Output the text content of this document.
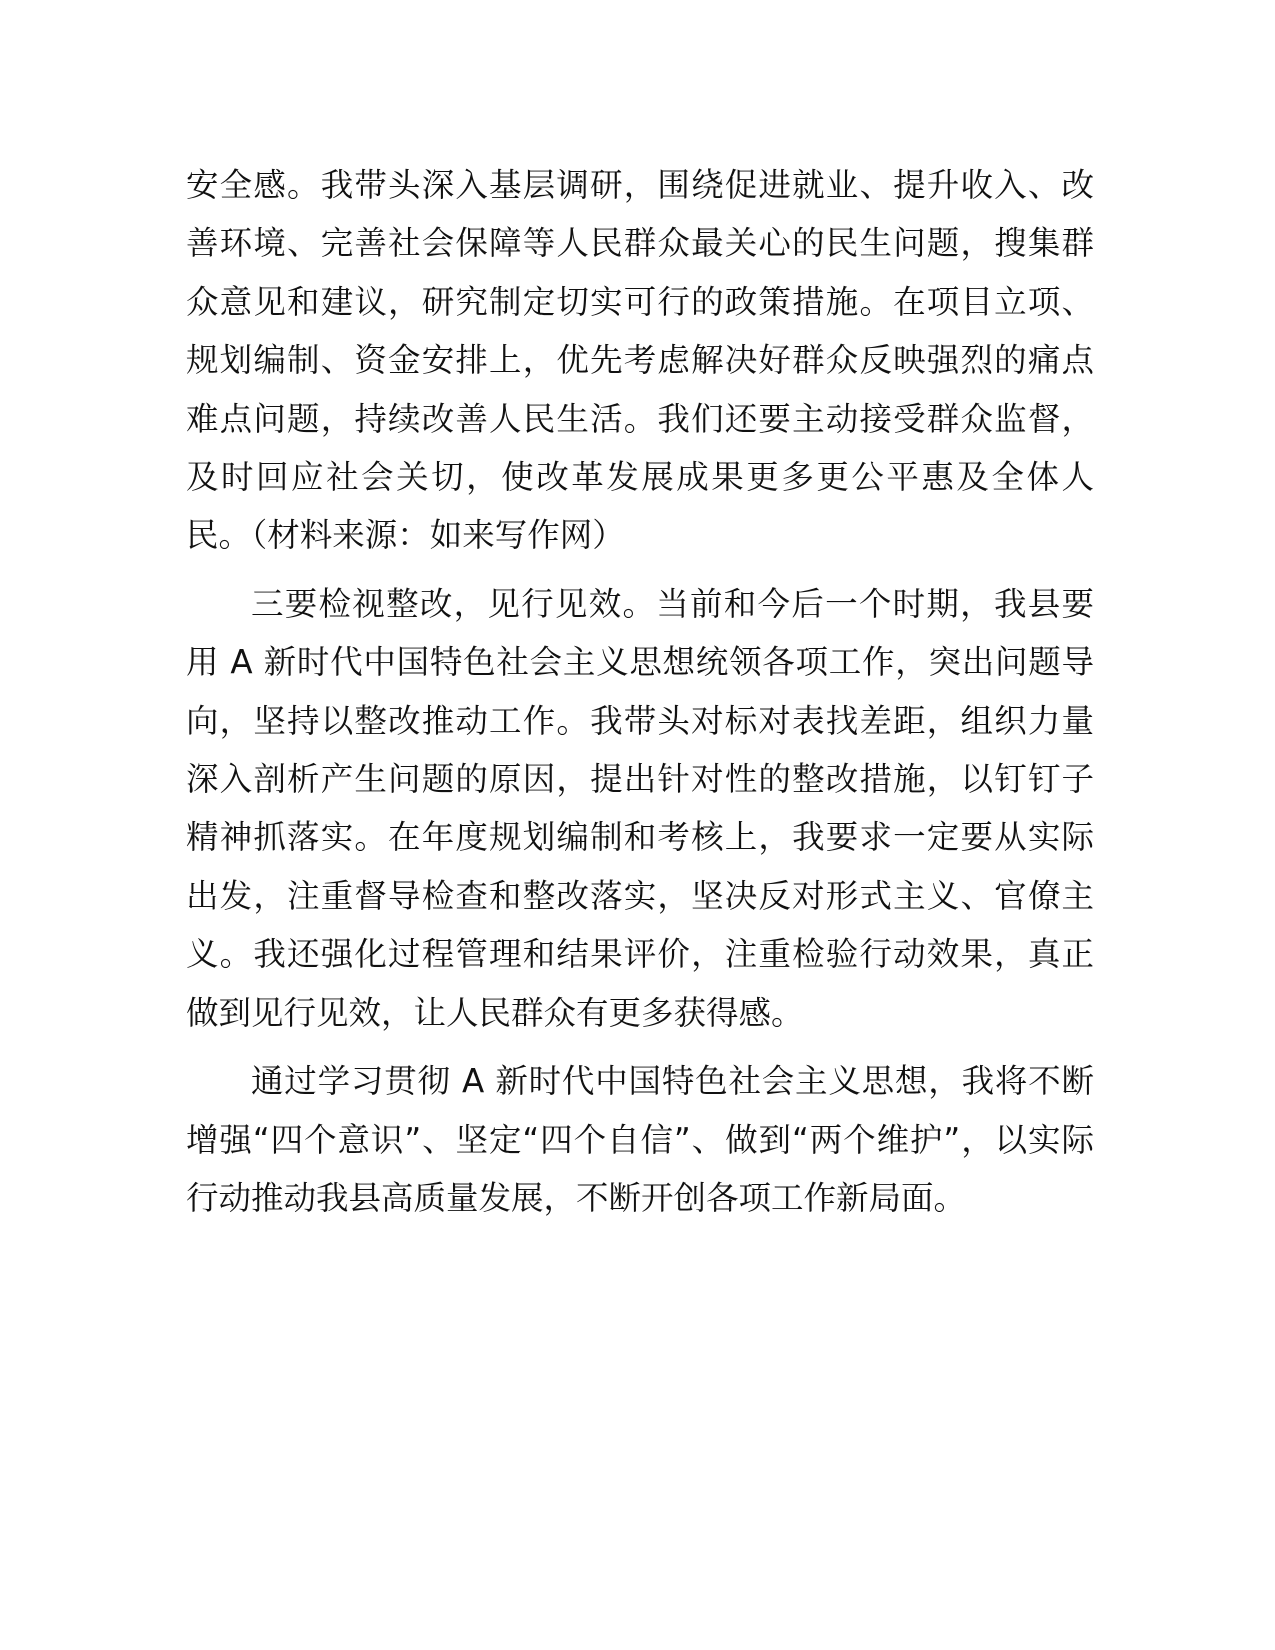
安全感。我带头深入基层调研，围绕促进就业、提升收入、改善环境、完善社会保障等人民群众最关心的民生问题，搜集群众意见和建议，研究制定切实可行的政策措施。在项目立项、规划编制、资金安排上，优先考虑解决好群众反映强烈的痛点难点问题，持续改善人民生活。我们还要主动接受群众监督，及时回应社会关切，使改革发展成果更多更公平惠及全体人民。（材料来源：如来写作网）

三要检视整改，见行见效。当前和今后一个时期，我县要用 A 新时代中国特色社会主义思想统领各项工作，突出问题导向，坚持以整改推动工作。我带头对标对表找差距，组织力量深入剖析产生问题的原因，提出针对性的整改措施，以钉钉子精神抓落实。在年度规划编制和考核上，我要求一定要从实际出发，注重督导检查和整改落实，坚决反对形式主义、官僚主义。我还强化过程管理和结果评价，注重检验行动效果，真正做到见行见效，让人民群众有更多获得感。

通过学习贯彻 A 新时代中国特色社会主义思想，我将不断增强“四个意识”、坚定“四个自信”、做到“两个维护”，以实际行动推动我县高质量发展，不断开创各项工作新局面。
